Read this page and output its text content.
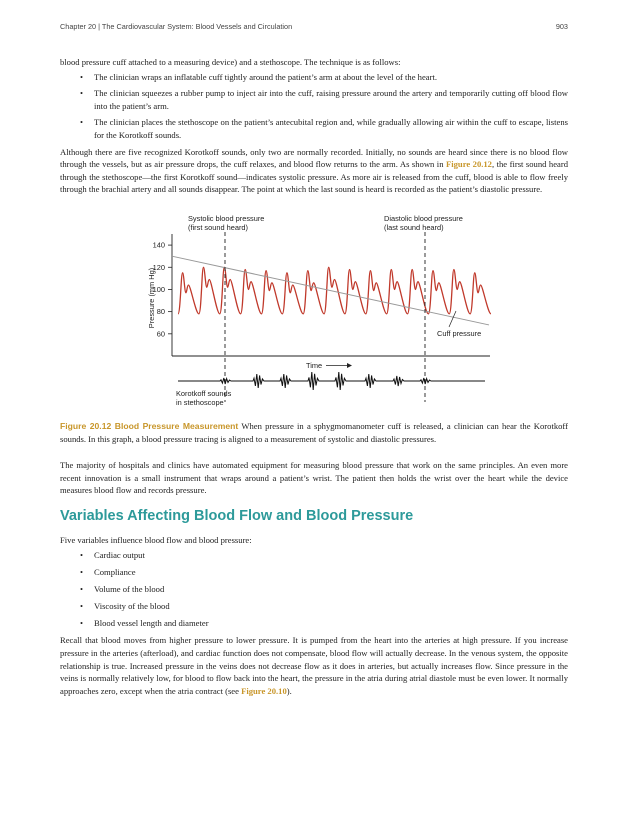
Chapter 20 | The Cardiovascular System: Blood Vessels and Circulation	903

blood pressure cuff attached to a measuring device) and a stethoscope. The technique is as follows:

• The clinician wraps an inflatable cuff tightly around the patient’s arm at about the level of the heart.
• The clinician squeezes a rubber pump to inject air into the cuff, raising pressure around the artery and temporarily cutting off blood flow into the patient’s arm.
• The clinician places the stethoscope on the patient’s antecubital region and, while gradually allowing air within the cuff to escape, listens for the Korotkoff sounds.

Although there are five recognized Korotkoff sounds, only two are normally recorded. Initially, no sounds are heard since there is no blood flow through the vessels, but as air pressure drops, the cuff relaxes, and blood flow returns to the arm. As shown in Figure 20.12, the first sound heard through the stethoscope—the first Korotkoff sound—indicates systolic pressure. As more air is released from the cuff, blood is able to flow freely through the brachial artery and all sounds disappear. The point at which the last sound is heard is recorded as the patient’s diastolic pressure.

Systolic blood pressure
(first sound heard)
Diastolic blood pressure
(last sound heard)
60
80
100
120
140
Pressure (mm Hg)
Cuff pressure
Time
Korotkoff sounds
in stethoscope

Figure 20.12 Blood Pressure Measurement When pressure in a sphygmomanometer cuff is released, a clinician can hear the Korotkoff sounds. In this graph, a blood pressure tracing is aligned to a measurement of systolic and diastolic pressures.

The majority of hospitals and clinics have automated equipment for measuring blood pressure that work on the same principles. An even more recent innovation is a small instrument that wraps around a patient’s wrist. The patient then holds the wrist over the heart while the device measures blood flow and records pressure.

Variables Affecting Blood Flow and Blood Pressure

Five variables influence blood flow and blood pressure:

• Cardiac output
• Compliance
• Volume of the blood
• Viscosity of the blood
• Blood vessel length and diameter

Recall that blood moves from higher pressure to lower pressure. It is pumped from the heart into the arteries at high pressure. If you increase pressure in the arteries (afterload), and cardiac function does not compensate, blood flow will actually decrease. In the venous system, the opposite relationship is true. Increased pressure in the veins does not decrease flow as it does in arteries, but actually increases flow. Since pressure in the veins is normally relatively low, for blood to flow back into the heart, the pressure in the atria during atrial diastole must be even lower. It normally approaches zero, except when the atria contract (see Figure 20.10).
